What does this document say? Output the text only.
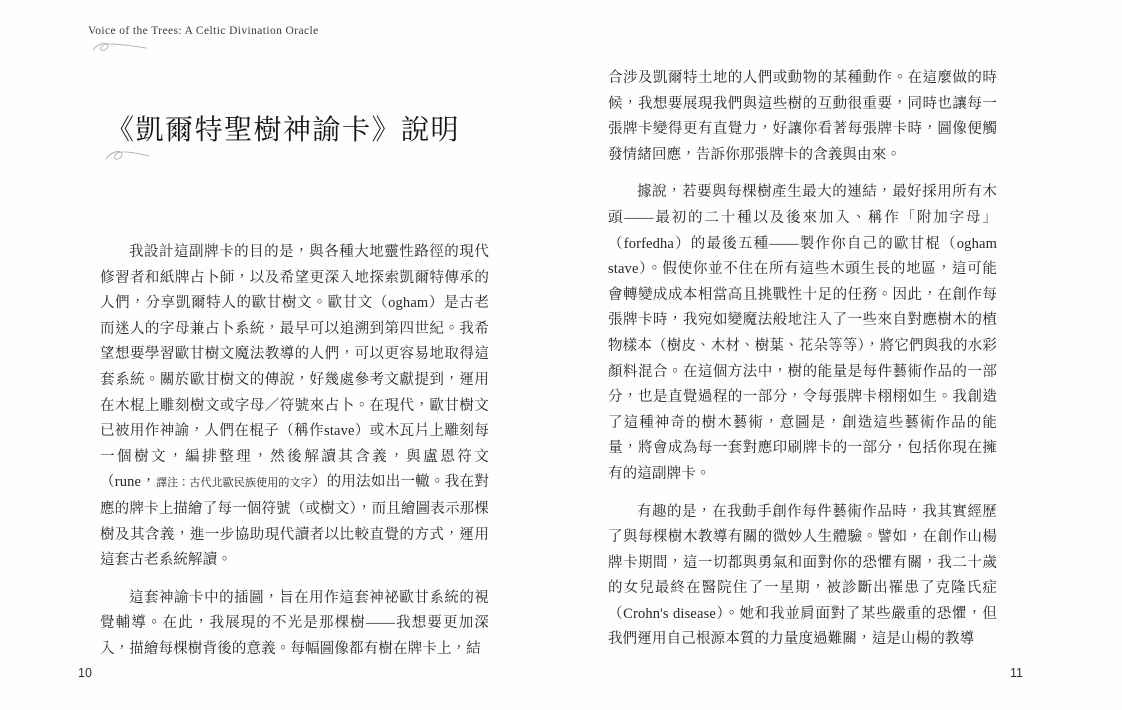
Voice of the Trees: A Celtic Divination Oracle
《凱爾特聖樹神諭卡》說明

我設計這副牌卡的目的是，與各種大地靈性路徑的現代修習者和紙牌占卜師，以及希望更深入地探索凱爾特傳承的人們，分享凱爾特人的歐甘樹文。歐甘文（ogham）是古老而迷人的字母兼占卜系統，最早可以追溯到第四世紀。我希望想要學習歐甘樹文魔法教導的人們，可以更容易地取得這套系統。關於歐甘樹文的傳說，好幾處參考文獻提到，運用在木棍上雕刻樹文或字母／符號來占卜。在現代，歐甘樹文已被用作神諭，人們在棍子（稱作stave）或木瓦片上雕刻每一個樹文，編排整理，然後解讀其含義，與盧恩符文（rune，譯注：古代北歐民族使用的文字）的用法如出一轍。我在對應的牌卡上描繪了每一個符號（或樹文），而且繪圖表示那棵樹及其含義，進一步協助現代讀者以比較直覺的方式，運用這套古老系統解讀。

這套神諭卡中的插圖，旨在用作這套神祕歐甘系統的視覺輔導。在此，我展現的不光是那棵樹——我想要更加深入，描繪每棵樹背後的意義。每幅圖像都有樹在牌卡上，結

10

合涉及凱爾特土地的人們或動物的某種動作。在這麼做的時候，我想要展現我們與這些樹的互動很重要，同時也讓每一張牌卡變得更有直覺力，好讓你看著每張牌卡時，圖像便觸發情緒回應，告訴你那張牌卡的含義與由來。

據說，若要與每棵樹產生最大的連結，最好採用所有木頭——最初的二十種以及後來加入、稱作「附加字母」（forfedha）的最後五種——製作你自己的歐甘棍（ogham stave）。假使你並不住在所有這些木頭生長的地區，這可能會轉變成成本相當高且挑戰性十足的任務。因此，在創作每張牌卡時，我宛如變魔法般地注入了一些來自對應樹木的植物樣本（樹皮、木材、樹葉、花朵等等），將它們與我的水彩顏料混合。在這個方法中，樹的能量是每件藝術作品的一部分，也是直覺過程的一部分，令每張牌卡栩栩如生。我創造了這種神奇的樹木藝術，意圖是，創造這些藝術作品的能量，將會成為每一套對應印刷牌卡的一部分，包括你現在擁有的這副牌卡。

有趣的是，在我動手創作每件藝術作品時，我其實經歷了與每棵樹木教導有關的微妙人生體驗。譬如，在創作山楊牌卡期間，這一切都與勇氣和面對你的恐懼有關，我二十歲的女兒最終在醫院住了一星期，被診斷出罹患了克隆氏症（Crohn's disease）。她和我並肩面對了某些嚴重的恐懼，但我們運用自己根源本質的力量度過難關，這是山楊的教導

11
